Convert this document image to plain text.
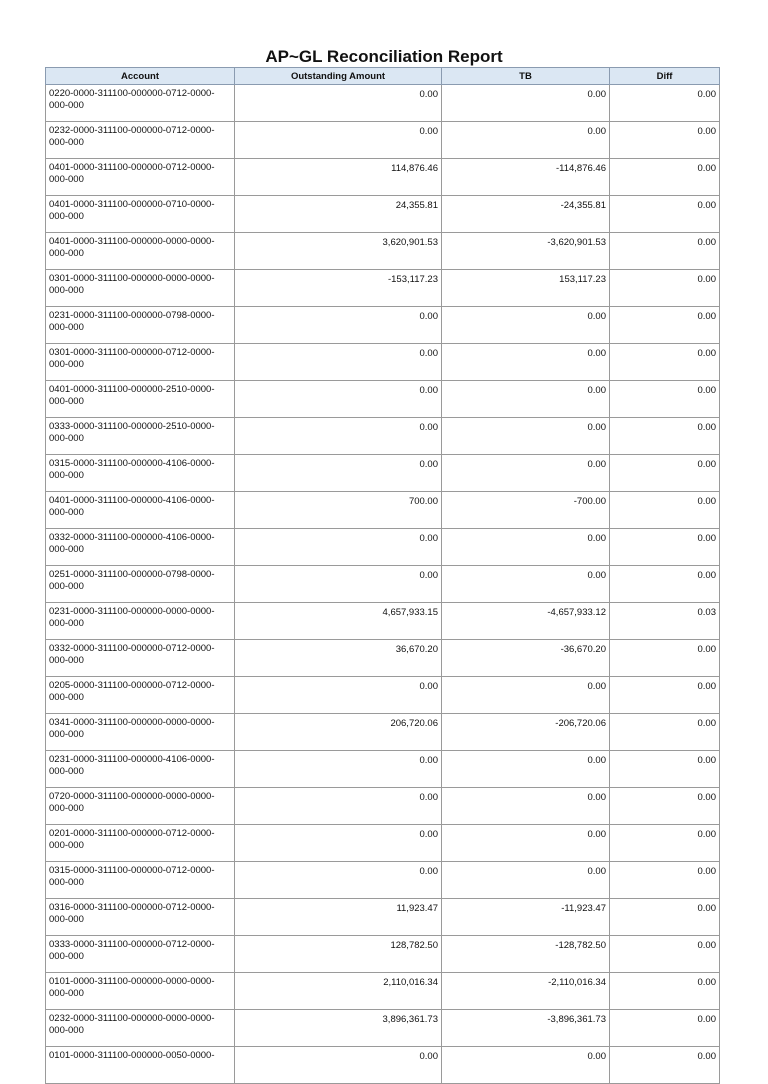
AP~GL Reconciliation Report
Account	Outstanding Amount	TB	Diff
0220-0000-311100-000000-0712-0000-000-000	0.00	0.00	0.00
0232-0000-311100-000000-0712-0000-000-000	0.00	0.00	0.00
0401-0000-311100-000000-0712-0000-000-000	114,876.46	-114,876.46	0.00
0401-0000-311100-000000-0710-0000-000-000	24,355.81	-24,355.81	0.00
0401-0000-311100-000000-0000-0000-000-000	3,620,901.53	-3,620,901.53	0.00
0301-0000-311100-000000-0000-0000-000-000	-153,117.23	153,117.23	0.00
0231-0000-311100-000000-0798-0000-000-000	0.00	0.00	0.00
0301-0000-311100-000000-0712-0000-000-000	0.00	0.00	0.00
0401-0000-311100-000000-2510-0000-000-000	0.00	0.00	0.00
0333-0000-311100-000000-2510-0000-000-000	0.00	0.00	0.00
0315-0000-311100-000000-4106-0000-000-000	0.00	0.00	0.00
0401-0000-311100-000000-4106-0000-000-000	700.00	-700.00	0.00
0332-0000-311100-000000-4106-0000-000-000	0.00	0.00	0.00
0251-0000-311100-000000-0798-0000-000-000	0.00	0.00	0.00
0231-0000-311100-000000-0000-0000-000-000	4,657,933.15	-4,657,933.12	0.03
0332-0000-311100-000000-0712-0000-000-000	36,670.20	-36,670.20	0.00
0205-0000-311100-000000-0712-0000-000-000	0.00	0.00	0.00
0341-0000-311100-000000-0000-0000-000-000	206,720.06	-206,720.06	0.00
0231-0000-311100-000000-4106-0000-000-000	0.00	0.00	0.00
0720-0000-311100-000000-0000-0000-000-000	0.00	0.00	0.00
0201-0000-311100-000000-0712-0000-000-000	0.00	0.00	0.00
0315-0000-311100-000000-0712-0000-000-000	0.00	0.00	0.00
0316-0000-311100-000000-0712-0000-000-000	11,923.47	-11,923.47	0.00
0333-0000-311100-000000-0712-0000-000-000	128,782.50	-128,782.50	0.00
0101-0000-311100-000000-0000-0000-000-000	2,110,016.34	-2,110,016.34	0.00
0232-0000-311100-000000-0000-0000-000-000	3,896,361.73	-3,896,361.73	0.00
0101-0000-311100-000000-0050-0000-	0.00	0.00	0.00
